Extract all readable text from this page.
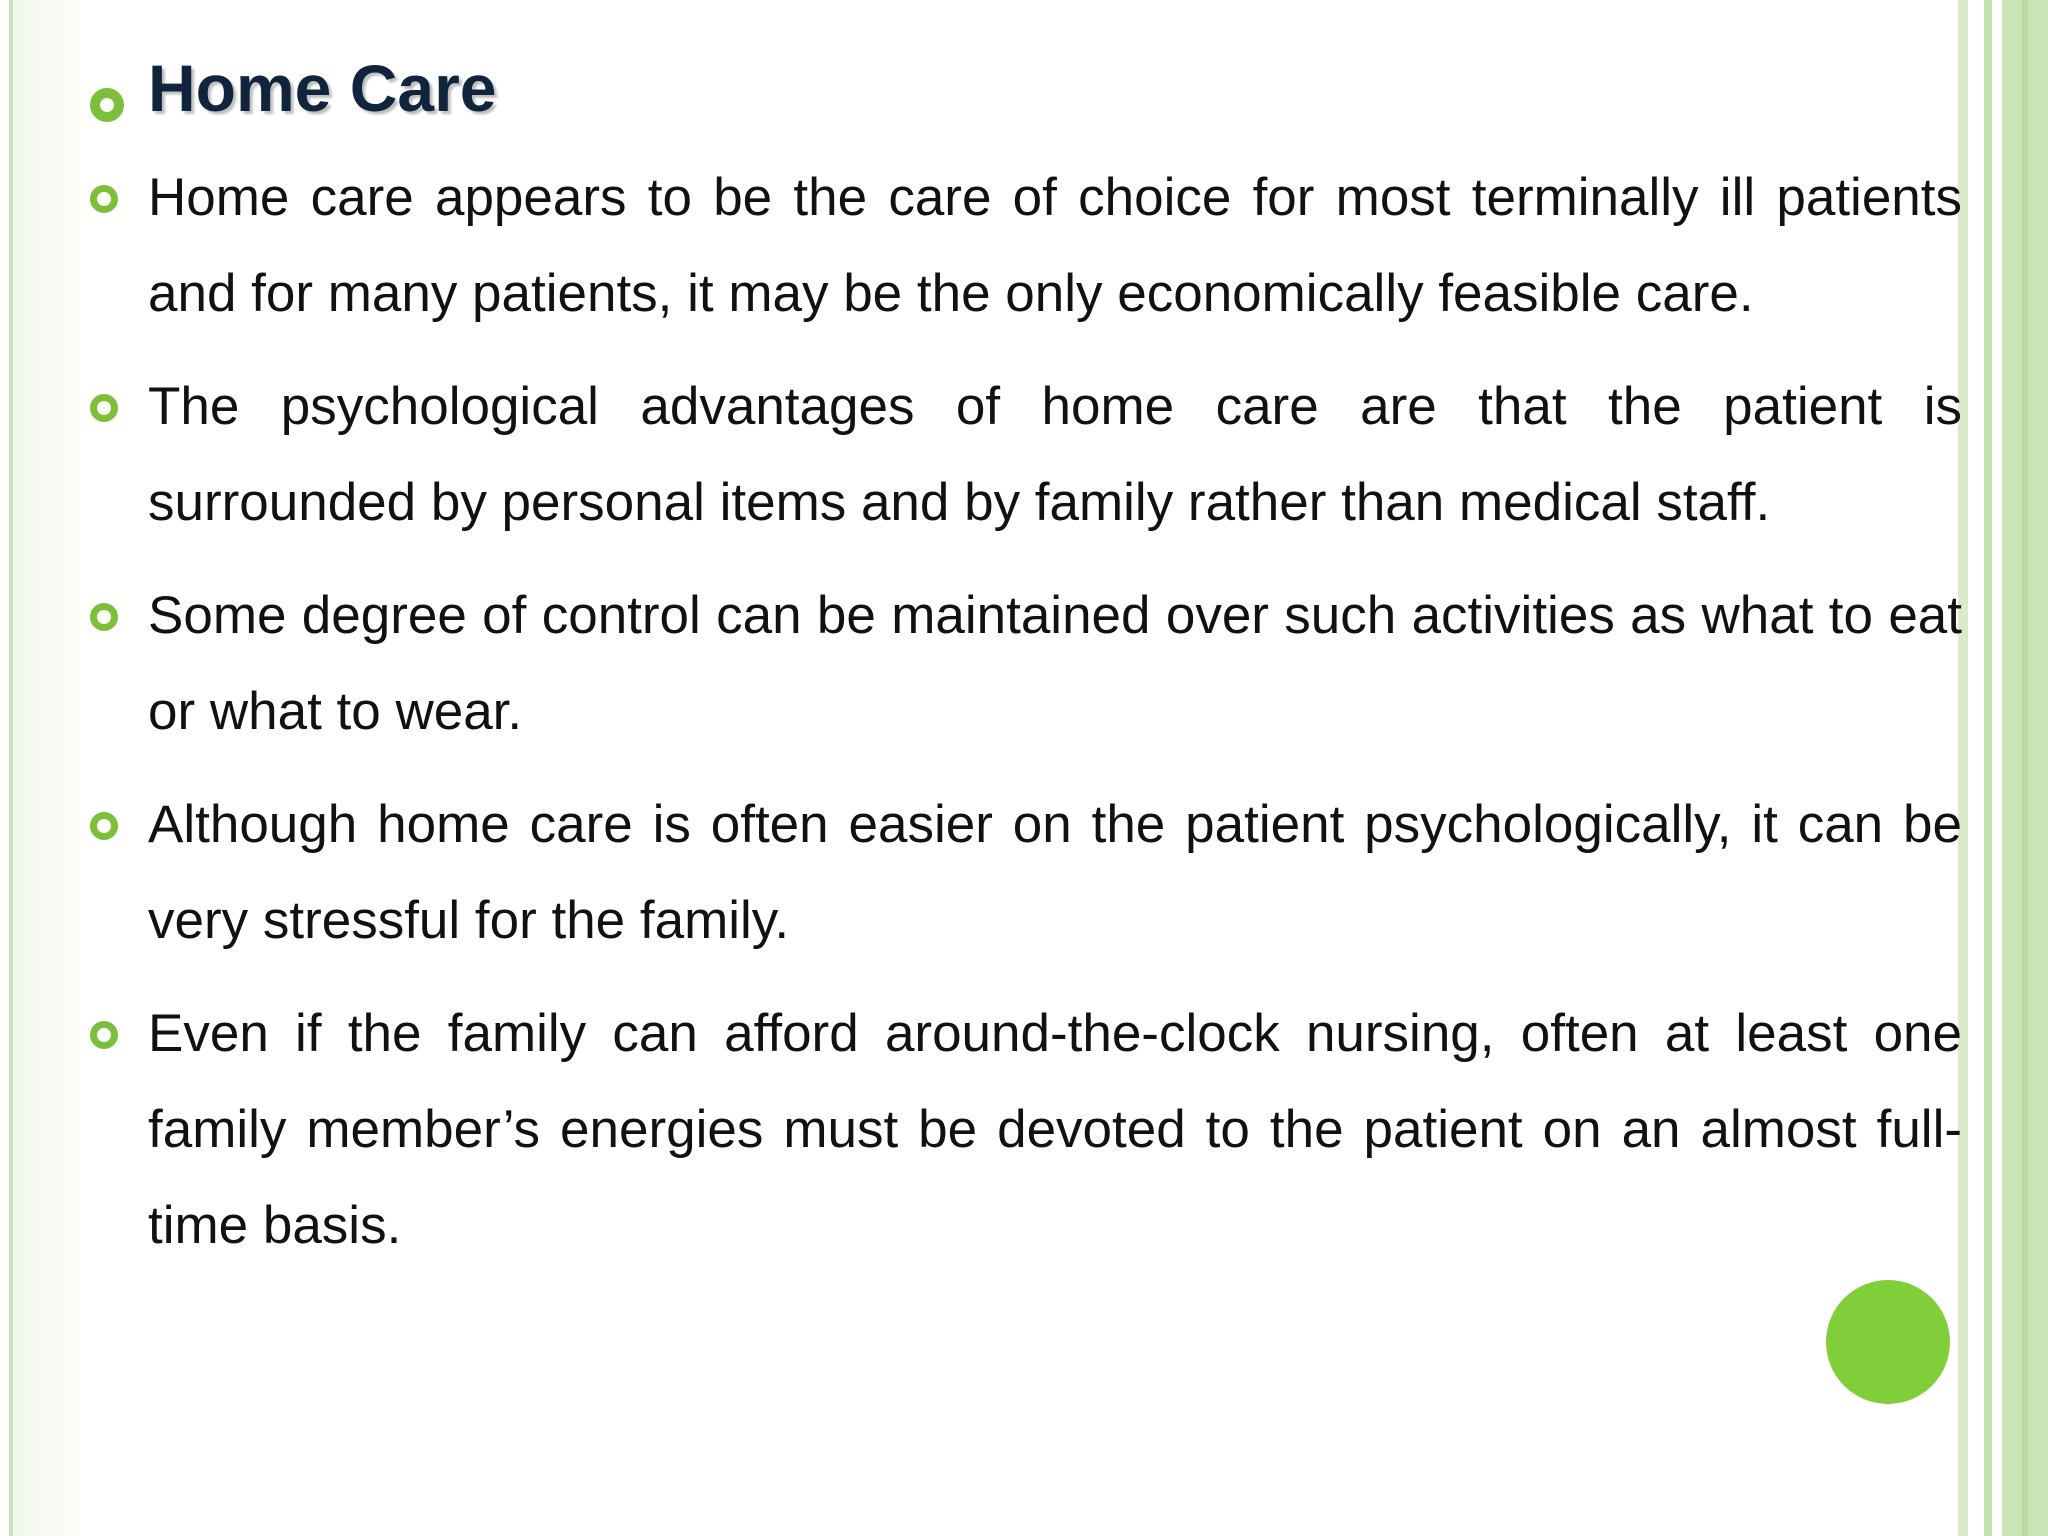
Home Care

Home care appears to be the care of choice for most terminally ill patients and for many patients, it may be the only economically feasible care.

The psychological advantages of home care are that the patient is surrounded by personal items and by family rather than medical staff.

Some degree of control can be maintained over such activities as what to eat or what to wear.

Although home care is often easier on the patient psychologically, it can be very stressful for the family.

Even if the family can afford around-the-clock nursing, often at least one family member’s energies must be devoted to the patient on an almost full-time basis.
